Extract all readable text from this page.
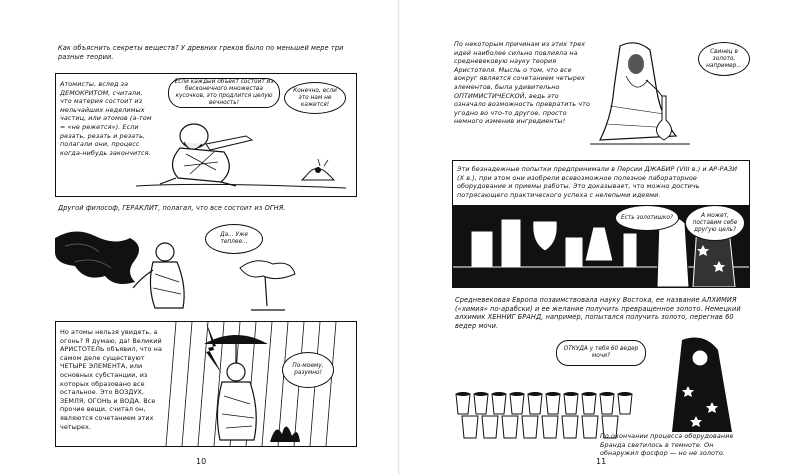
Как объяснить секреты веществ? У древних греков было по меньшей мере три разные теории.
Атомисты, вслед за ДЕМОКРИТОМ, считали, что материя состоит из мельчайших неделимых частиц, или атомов (а-том = «не режется»). Если резать, резать и резать, полагали они, процесс когда-нибудь закончится.
Если каждый объект состоит из бесконечного множества кусочков, это продлится целую вечность!
Конечно, если это нам не кажется!
Другой философ, ГЕРАКЛИТ, полагал, что все состоит из ОГНЯ.
Да... Уже теплее...
Но атомы нельзя увидеть, а огонь? Я думаю, да! Великий АРИСТОТЕЛЬ объявил, что на самом деле существуют ЧЕТЫРЕ ЭЛЕМЕНТА, или основных субстанции, из которых образовано все остальное. Это ВОЗДУХ, ЗЕМЛЯ, ОГОНЬ и ВОДА. Все прочие вещи, считал он, являются сочетанием этих четырех.
По-моему, разумно!
10
По некоторым причинам из этих трех идей наиболее сильно повлияла на средневековую науку теория Аристотеля. Мысль о том, что все вокруг является сочетанием четырех элементов, была удивительно ОПТИМИСТИЧЕСКОЙ, ведь это означало возможность превратить что угодно во что-то другое, просто немного изменив ингредиенты!
Свинец в золото, например...
Эти безнадежные попытки предпринимали в Персии ДЖАБИР (VIII в.) и АР-РАЗИ (X в.), при этом они изобрели всевозможное полезное лабораторное оборудование и приемы работы. Это доказывает, что можно достичь потрясающего практического успеха с нелепыми идеями.
Есть золотишко?	А может, поставим себе другую цель?
Средневековая Европа позаимствовала науку Востока, ее название АЛХИМИЯ («химия» по-арабски) и ее желание получить превращенное золото. Немецкий алхимик ХЕННИГ БРАНД, например, попытался получить золото, перегнав 60 ведер мочи.
ОТКУДА у тебя 60 ведер мочи?
По окончании процесса оборудование Бранда светилось в темноте. Он обнаружил фосфор — но не золото.
11
